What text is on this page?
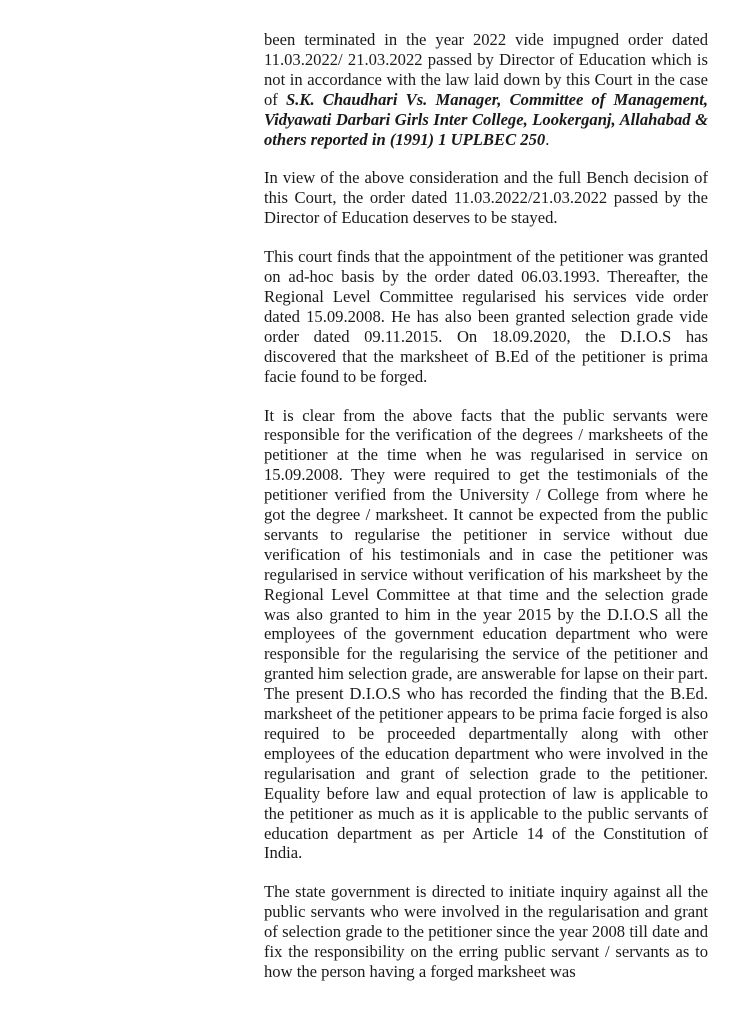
been terminated in the year 2022 vide impugned order dated 11.03.2022/ 21.03.2022 passed by Director of Education which is not in accordance with the law laid down by this Court in the case of S.K. Chaudhari Vs. Manager, Committee of Management, Vidyawati Darbari Girls Inter College, Lookerganj, Allahabad & others reported in (1991) 1 UPLBEC 250.

In view of the above consideration and the full Bench decision of this Court, the order dated 11.03.2022/21.03.2022 passed by the Director of Education deserves to be stayed.

This court finds that the appointment of the petitioner was granted on ad-hoc basis by the order dated 06.03.1993. Thereafter, the Regional Level Committee regularised his services vide order dated 15.09.2008. He has also been granted selection grade vide order dated 09.11.2015. On 18.09.2020, the D.I.O.S has discovered that the marksheet of B.Ed of the petitioner is prima facie found to be forged.

It is clear from the above facts that the public servants were responsible for the verification of the degrees / marksheets of the petitioner at the time when he was regularised in service on 15.09.2008. They were required to get the testimonials of the petitioner verified from the University / College from where he got the degree / marksheet. It cannot be expected from the public servants to regularise the petitioner in service without due verification of his testimonials and in case the petitioner was regularised in service without verification of his marksheet by the Regional Level Committee at that time and the selection grade was also granted to him in the year 2015 by the D.I.O.S all the employees of the government education department who were responsible for the regularising the service of the petitioner and granted him selection grade, are answerable for lapse on their part. The present D.I.O.S who has recorded the finding that the B.Ed. marksheet of the petitioner appears to be prima facie forged is also required to be proceeded departmentally along with other employees of the education department who were involved in the regularisation and grant of selection grade to the petitioner. Equality before law and equal protection of law is applicable to the petitioner as much as it is applicable to the public servants of education department as per Article 14 of the Constitution of India.

The state government is directed to initiate inquiry against all the public servants who were involved in the regularisation and grant of selection grade to the petitioner since the year 2008 till date and fix the responsibility on the erring public servant / servants as to how the person having a forged marksheet was
